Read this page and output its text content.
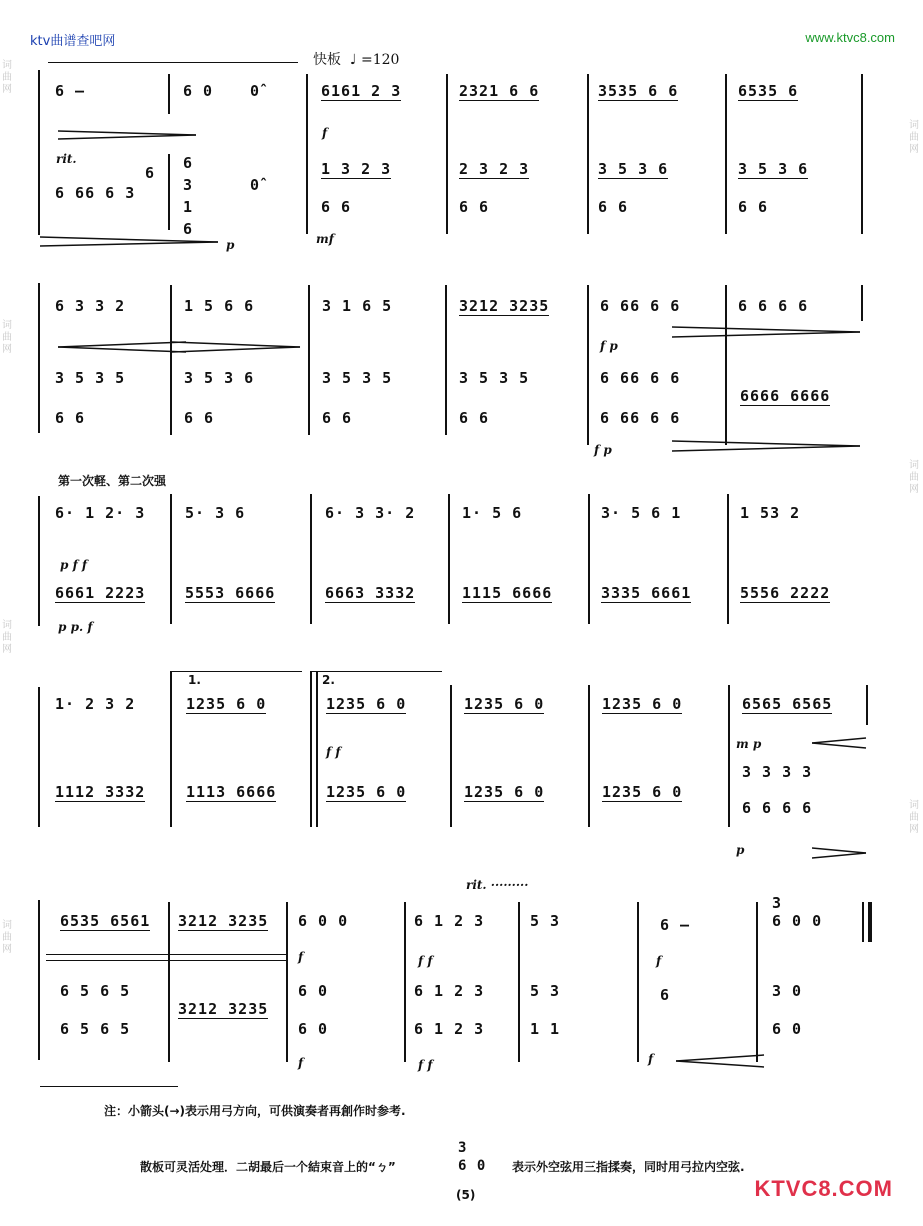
ktv曲谱查吧网	www.ktvc8.com
词
曲
网
词
曲
网
词
曲
网
词
曲
网
词
曲
网
词
曲
网
词
曲
网
快板 ♩ =120
6 –	6 0 0̂	6161 2 3	2321 6 6	3535 6 6	6535 6
f
rit.
6
6 66 6 3
6 3 1 6
0̂
1 3 2 3	2 3 2 3	3 5 3 6	3 5 3 6
6 6	6 6	6 6	6 6
mf
p
6 3 3 2	1 5 6 6	3 1 6 5	3212 3235	6 66 6 6	6 6 6 6
f p
3 5 3 5	3 5 3 6	3 5 3 5	3 5 3 5	6 66 6 6
6666 6666
6 6	6 6	6 6	6 6	6 66 6 6
f p
第一次軽、第二次强
6· 1 2· 3	5· 3 6	6· 3 3· 2	1· 5 6	3· 5 6 1	1 53 2
p f f
6661 2223	5553 6666	6663 3332	1115 6666	3335 6661	5556 2222
p p. f
1.	2.
1· 2 3 2	1235 6 0	1235 6 0	1235 6 0	1235 6 0	6565 6565
m p
f f
1112 3332	1113 6666	1235 6 0	1235 6 0	1235 6 0
3 3 3 3
6 6 6 6
p
rit. ·········
6535 6561 3212 3235 6 0 0	6 1 2 3	5 3	6 –
3
6 0 0
f	f f	f
6 5 6 5
3212 3235
6 0	6 1 2 3	5 3	6	3 0
6 5 6 5	6 0	6 1 2 3	1 1	6 0
f	f f	f
注：小箭头(→)表示用弓方向，可供演奏者再創作时参考.
散板可灵活处理．二胡最后一个結束音上的“ㄅ”
3
6 0 表示外空弦用三指揉奏，同时用弓拉内空弦.
(5)	KTVC8.COM
